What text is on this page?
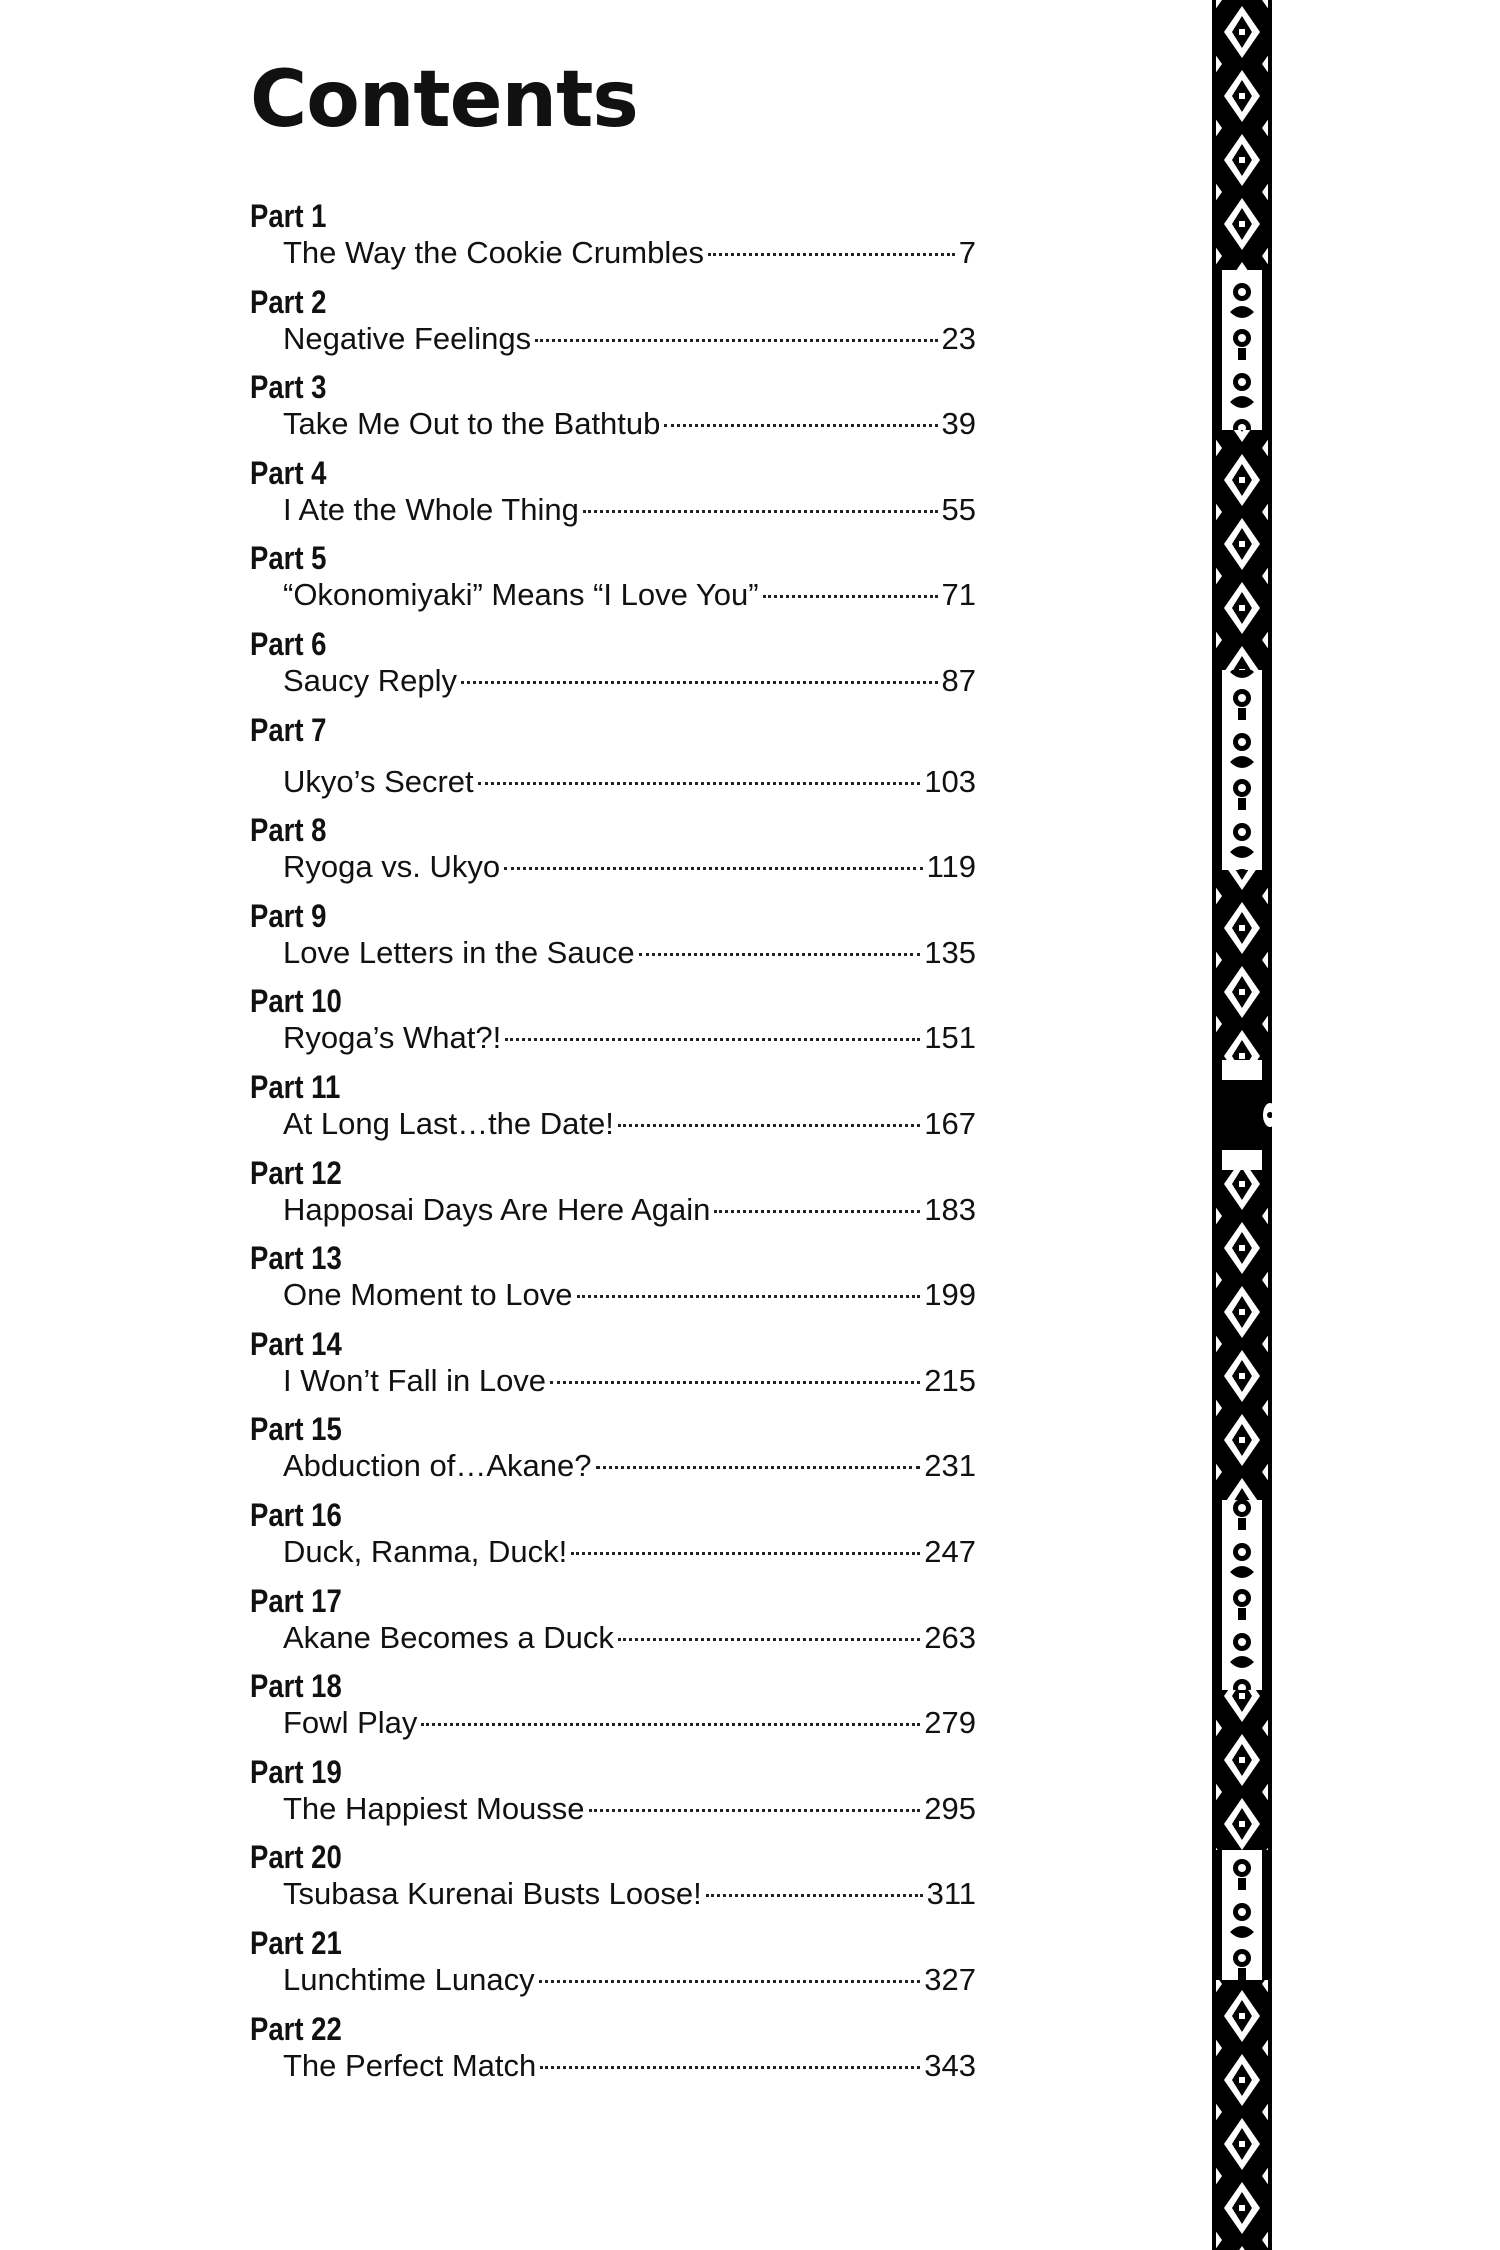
Contents
Part 1
The Way the Cookie Crumbles	7
Part 2
Negative Feelings	23
Part 3
Take Me Out to the Bathtub	39
Part 4
I Ate the Whole Thing	55
Part 5
“Okonomiyaki” Means “I Love You”	71
Part 6
Saucy Reply	87
Part 7
Ukyo’s Secret	103
Part 8
Ryoga vs. Ukyo	119
Part 9
Love Letters in the Sauce	135
Part 10
Ryoga’s What?!	151
Part 11
At Long Last…the Date!	167
Part 12
Happosai Days Are Here Again	183
Part 13
One Moment to Love	199
Part 14
I Won’t Fall in Love	215
Part 15
Abduction of…Akane?	231
Part 16
Duck, Ranma, Duck!	247
Part 17
Akane Becomes a Duck	263
Part 18
Fowl Play	279
Part 19
The Happiest Mousse	295
Part 20
Tsubasa Kurenai Busts Loose!	311
Part 21
Lunchtime Lunacy	327
Part 22
The Perfect Match	343
